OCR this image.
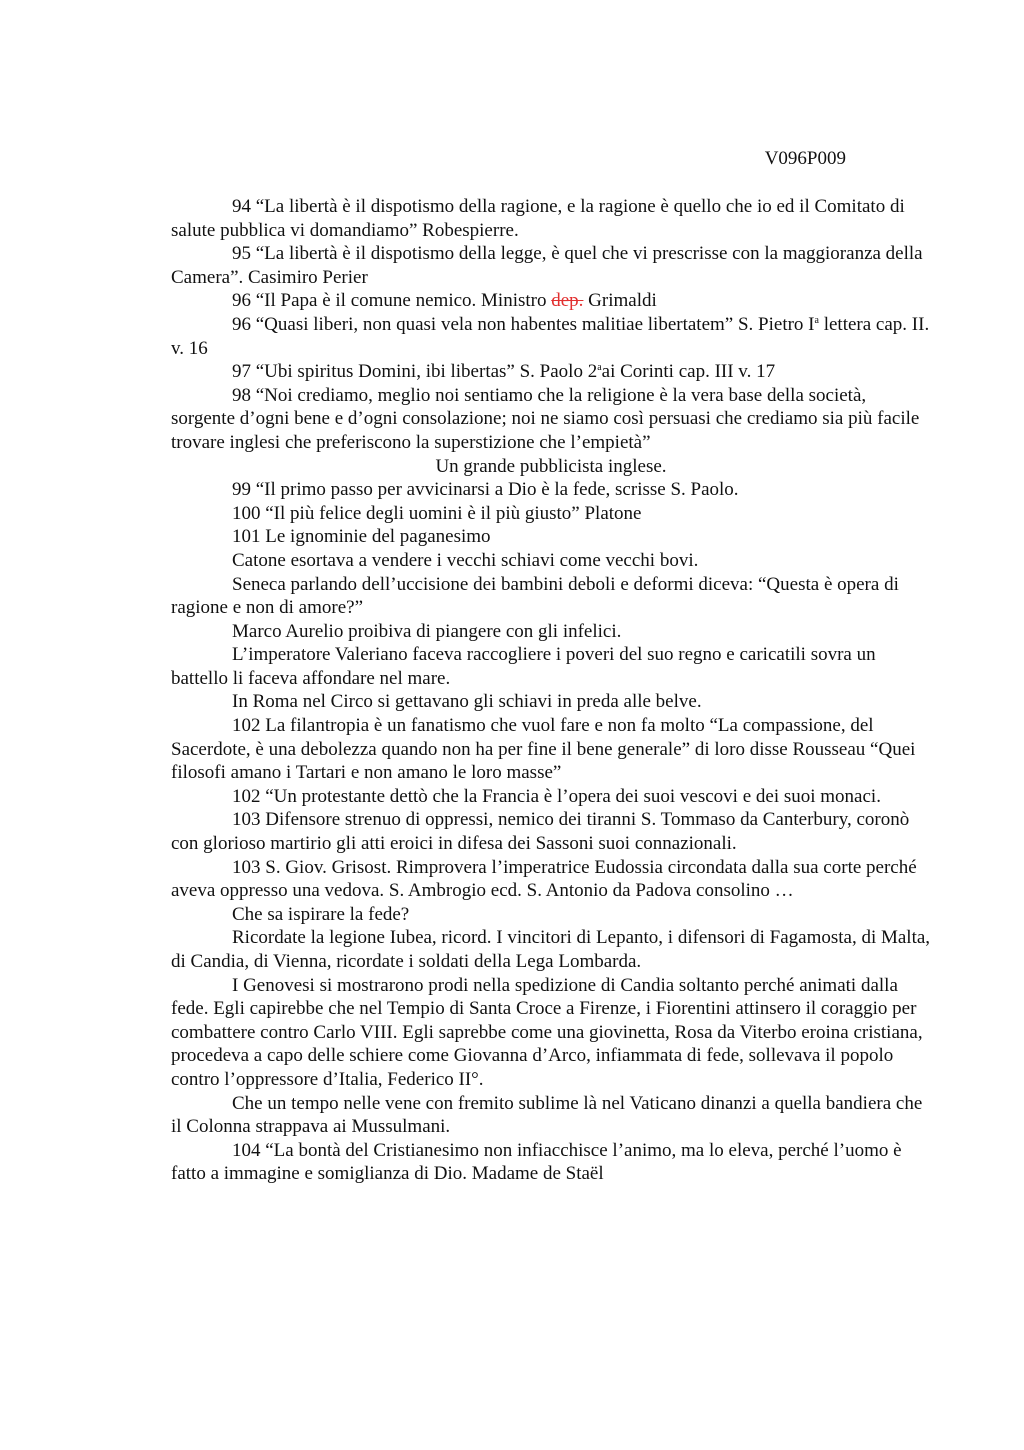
V096P009

94 “La libertà è il dispotismo della ragione, e la ragione è quello che io ed il Comitato di salute pubblica vi domandiamo” Robespierre.

95 “La libertà è il dispotismo della legge, è quel che vi prescrisse con la maggioranza della Camera”. Casimiro Perier

96 “Il Papa è il comune nemico. Ministro dep. Grimaldi

96 “Quasi liberi, non quasi vela non habentes malitiae libertatem” S. Pietro $I^a$ lettera cap. II. v. 16

97 “Ubi spiritus Domini, ibi libertas” S. Paolo 2$^a$ai Corinti cap. III v. 17

98 “Noi crediamo, meglio noi sentiamo che la religione è la vera base della società, sorgente d’ogni bene e d’ogni consolazione; noi ne siamo così persuasi che crediamo sia più facile trovare inglesi che preferiscono la superstizione che l’empietà”

Un grande pubblicista inglese.

99 “Il primo passo per avvicinarsi a Dio è la fede, scrisse S. Paolo.

100 “Il più felice degli uomini è il più giusto” Platone

101 Le ignominie del paganesimo

Catone esortava a vendere i vecchi schiavi come vecchi bovi.

Seneca parlando dell’uccisione dei bambini deboli e deformi diceva: “Questa è opera di ragione e non di amore?”

Marco Aurelio proibiva di piangere con gli infelici.

L’imperatore Valeriano faceva raccogliere i poveri del suo regno e caricatili sovra un battello li faceva affondare nel mare.

In Roma nel Circo si gettavano gli schiavi in preda alle belve.

102 La filantropia è un fanatismo che vuol fare e non fa molto “La compassione, del Sacerdote, è una debolezza quando non ha per fine il bene generale” di loro disse Rousseau “Quei filosofi amano i Tartari e non amano le loro masse”

102 “Un protestante dettò che la Francia è l’opera dei suoi vescovi e dei suoi monaci.

103 Difensore strenuo di oppressi, nemico dei tiranni S. Tommaso da Canterbury, coronò con glorioso martirio gli atti eroici in difesa dei Sassoni suoi connazionali.

103 S. Giov. Grisost. Rimprovera l’imperatrice Eudossia circondata dalla sua corte perché aveva oppresso una vedova. S. Ambrogio ecd. S. Antonio da Padova consolino …

Che sa ispirare la fede?

Ricordate la legione Iubea, ricord. I vincitori di Lepanto, i difensori di Fagamosta, di Malta, di Candia, di Vienna, ricordate i soldati della Lega Lombarda.

I Genovesi si mostrarono prodi nella spedizione di Candia soltanto perché animati dalla fede. Egli capirebbe che nel Tempio di Santa Croce a Firenze, i Fiorentini attinsero il coraggio per combattere contro Carlo VIII. Egli saprebbe come una giovinetta, Rosa da Viterbo eroina cristiana, procedeva a capo delle schiere come Giovanna d’Arco, infiammata di fede, sollevava il popolo contro l’oppressore d’Italia, Federico II°.

Che un tempo nelle vene con fremito sublime là nel Vaticano dinanzi a quella bandiera che il Colonna strappava ai Mussulmani.

104 “La bontà del Cristianesimo non infiacchisce l’animo, ma lo eleva, perché l’uomo è fatto a immagine e somiglianza di Dio. Madame de Staël
